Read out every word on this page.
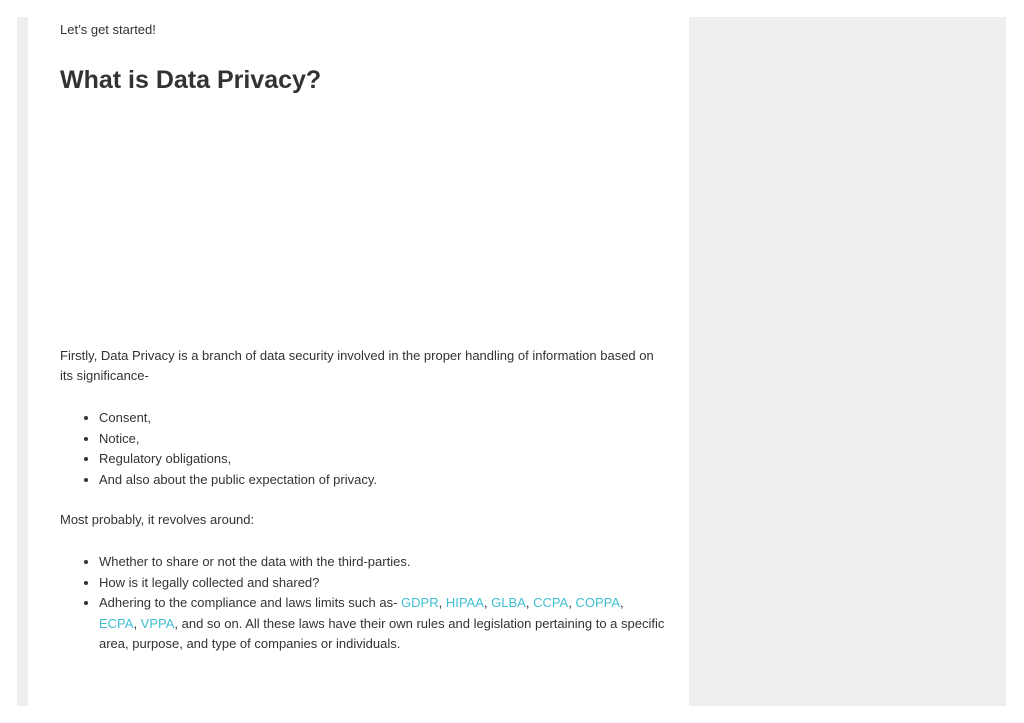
Let’s get started!

What is Data Privacy?

Firstly, Data Privacy is a branch of data security involved in the proper handling of information based on its significance-

• Consent,
• Notice,
• Regulatory obligations,
• And also about the public expectation of privacy.

Most probably, it revolves around:

• Whether to share or not the data with the third-parties.
• How is it legally collected and shared?
• Adhering to the compliance and laws limits such as- GDPR, HIPAA, GLBA, CCPA, COPPA, ECPA, VPPA, and so on. All these laws have their own rules and legislation pertaining to a specific area, purpose, and type of companies or individuals.
